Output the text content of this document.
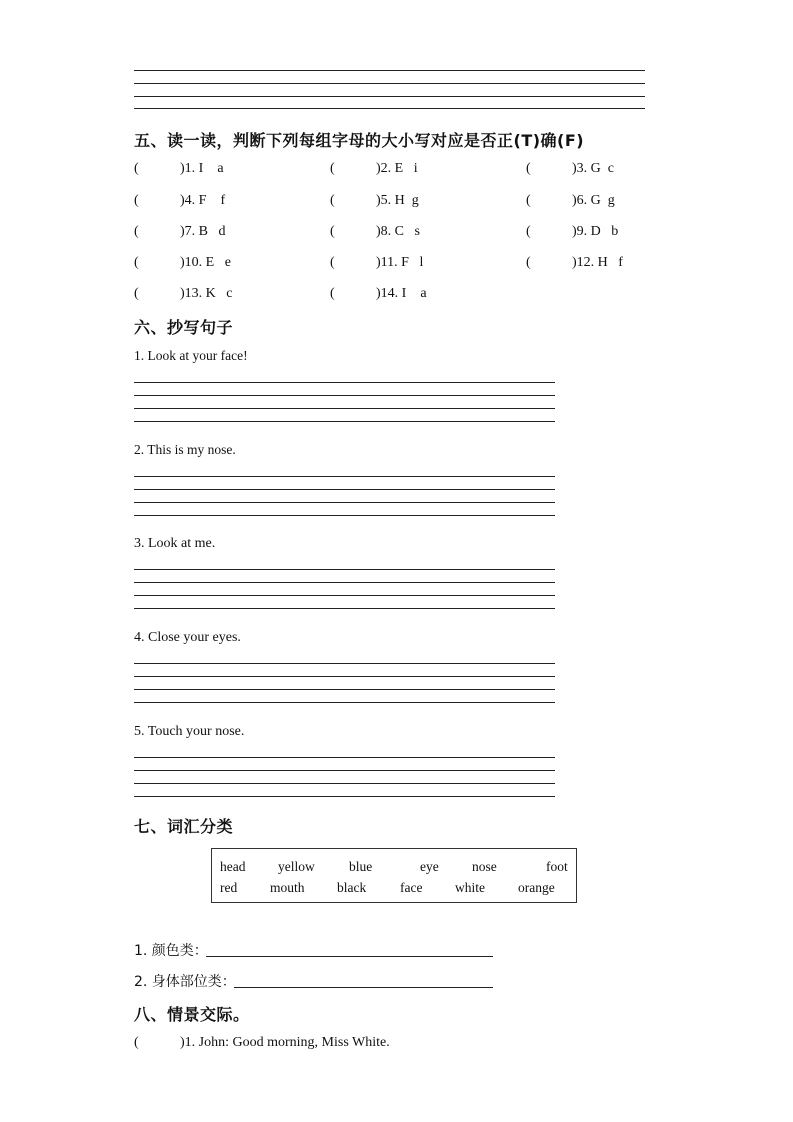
五、读一读，判断下列每组字母的大小写对应是否正(T)确(F)
(	)1. I    a	(	)2. E   i	(	)3. G  c
(	)4. F    f	(	)5. H  g	(	)6. G  g
(	)7. B   d	(	)8. C   s	(	)9. D   b
(	)10. E   e	(	)11. F   l	(	)12. H   f
(	)13. K   c	(	)14. I    a
六、抄写句子
1. Look at your face!
2. This is my nose.
3. Look at me.
4. Close your eyes.
5. Touch your nose.
七、词汇分类
head yellow	blue	eye nose	foot
red mouth black	face white orange
1. 颜色类：
2. 身体部位类：
八、情景交际。
(	)1. John: Good morning, Miss White.
